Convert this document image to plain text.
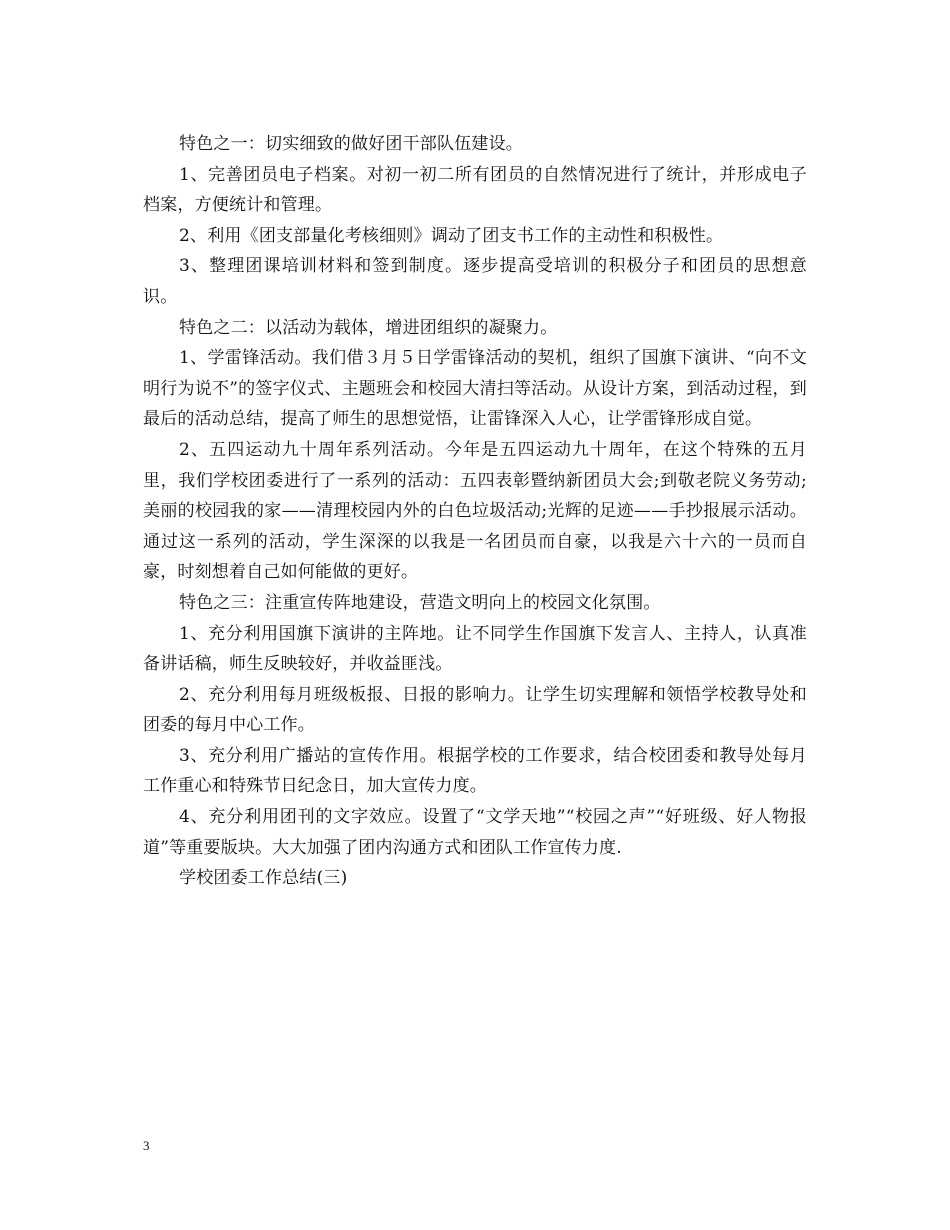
特色之一：切实细致的做好团干部队伍建设。

1、完善团员电子档案。对初一初二所有团员的自然情况进行了统计，并形成电子档案，方便统计和管理。

2、利用《团支部量化考核细则》调动了团支书工作的主动性和积极性。

3、整理团课培训材料和签到制度。逐步提高受培训的积极分子和团员的思想意识。

特色之二：以活动为载体，增进团组织的凝聚力。

1、学雷锋活动。我们借３月５日学雷锋活动的契机，组织了国旗下演讲、“向不文明行为说不”的签字仪式、主题班会和校园大清扫等活动。从设计方案，到活动过程，到最后的活动总结，提高了师生的思想觉悟，让雷锋深入人心，让学雷锋形成自觉。

2、五四运动九十周年系列活动。今年是五四运动九十周年，在这个特殊的五月里，我们学校团委进行了一系列的活动：五四表彰暨纳新团员大会;到敬老院义务劳动;美丽的校园我的家——清理校园内外的白色垃圾活动;光辉的足迹——手抄报展示活动。通过这一系列的活动，学生深深的以我是一名团员而自豪，以我是六十六的一员而自豪，时刻想着自己如何能做的更好。

特色之三：注重宣传阵地建设，营造文明向上的校园文化氛围。

1、充分利用国旗下演讲的主阵地。让不同学生作国旗下发言人、主持人，认真准备讲话稿，师生反映较好，并收益匪浅。

2、充分利用每月班级板报、日报的影响力。让学生切实理解和领悟学校教导处和团委的每月中心工作。

3、充分利用广播站的宣传作用。根据学校的工作要求，结合校团委和教导处每月工作重心和特殊节日纪念日，加大宣传力度。

4、充分利用团刊的文字效应。设置了“文学天地”“校园之声”“好班级、好人物报道”等重要版块。大大加强了团内沟通方式和团队工作宣传力度.

学校团委工作总结(三)

3
